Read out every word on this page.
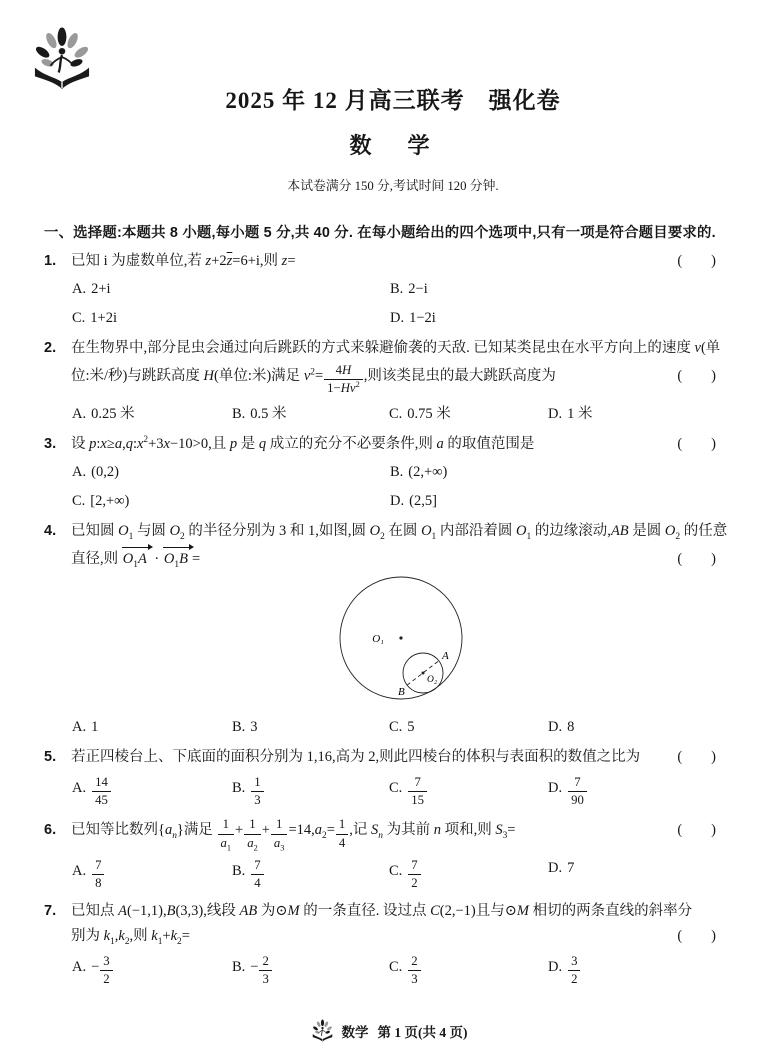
2025 年 12 月高三联考　强化卷
数　学
本试卷满分 150 分,考试时间 120 分钟.
一、选择题:本题共 8 小题,每小题 5 分,共 40 分. 在每小题给出的四个选项中,只有一项是符合题目要求的.
1.	已知 i 为虚数单位,若 $z+2\overline{z}=6+i$,则 z=	(　　)
A. 2+i	B. 2−i
C. 1+2i	D. 1−2i
2.	在生物界中,部分昆虫会通过向后跳跃的方式来躲避偷袭的天敌. 已知某类昆虫在水平方向上的速度 v(单
位:米/秒)与跳跃高度 H(单位:米)满足 $v^2= \frac{4H}{1-Hv^2}$ ,则该类昆虫的最大跳跃高度为	(　　)
A. 0.25 米	B. 0.5 米	C. 0.75 米	D. 1 米
3.	设 $p:x\ge a,q:x^2+3x-10>0$,且 p 是 q 成立的充分不必要条件,则 a 的取值范围是	(　　)
A. (0,2)	B. (2,+∞)
C. [2,+∞)	D. (2,5]
4.	已知圆 $O_1$ 与圆 $O_2$ 的半径分别为 3 和 1,如图,圆 $O_2$ 在圆 $O_1$ 内部沿着圆 $O_1$ 的边缘滚动,AB 是圆 $O_2$ 的任意
直径,则 $O_1A \cdot O_1B$ =	(　　)
O₁
O₂
A
B
A. 1	B. 3	C. 5	D. 8
5.	若正四棱台上、下底面的面积分别为 1,16,高为 2,则此四棱台的体积与表面积的数值之比为	(　　)
A. $\frac{14}{45}$	B. $\frac{1}{3}$	C. $\frac{7}{15}$	D. $\frac{7}{90}$
6.	已知等比数列$\{a_n\}$满足 $\frac{1}{a_1} + \frac{1}{a_2} + \frac{1}{a_3} =14,a_2= \frac{1}{4}$ ,记 $S_n$ 为其前 n 项和,则 $S_3=$	(　　)
A. $\frac{7}{8}$	B. $\frac{7}{4}$	C. $\frac{7}{2}$	D. 7
7.	已知点 A(−1,1),B(3,3),线段 AB 为⊙M 的一条直径. 设过点 C(2,−1)且与⊙M 相切的两条直线的斜率分
别为 $k_1,k_2$,则 $k_1+k_2=$	(　　)
A. − $\frac{3}{2}$	B. − $\frac{2}{3}$	C. $\frac{2}{3}$	D. $\frac{3}{2}$
数学 第 1 页(共 4 页)
